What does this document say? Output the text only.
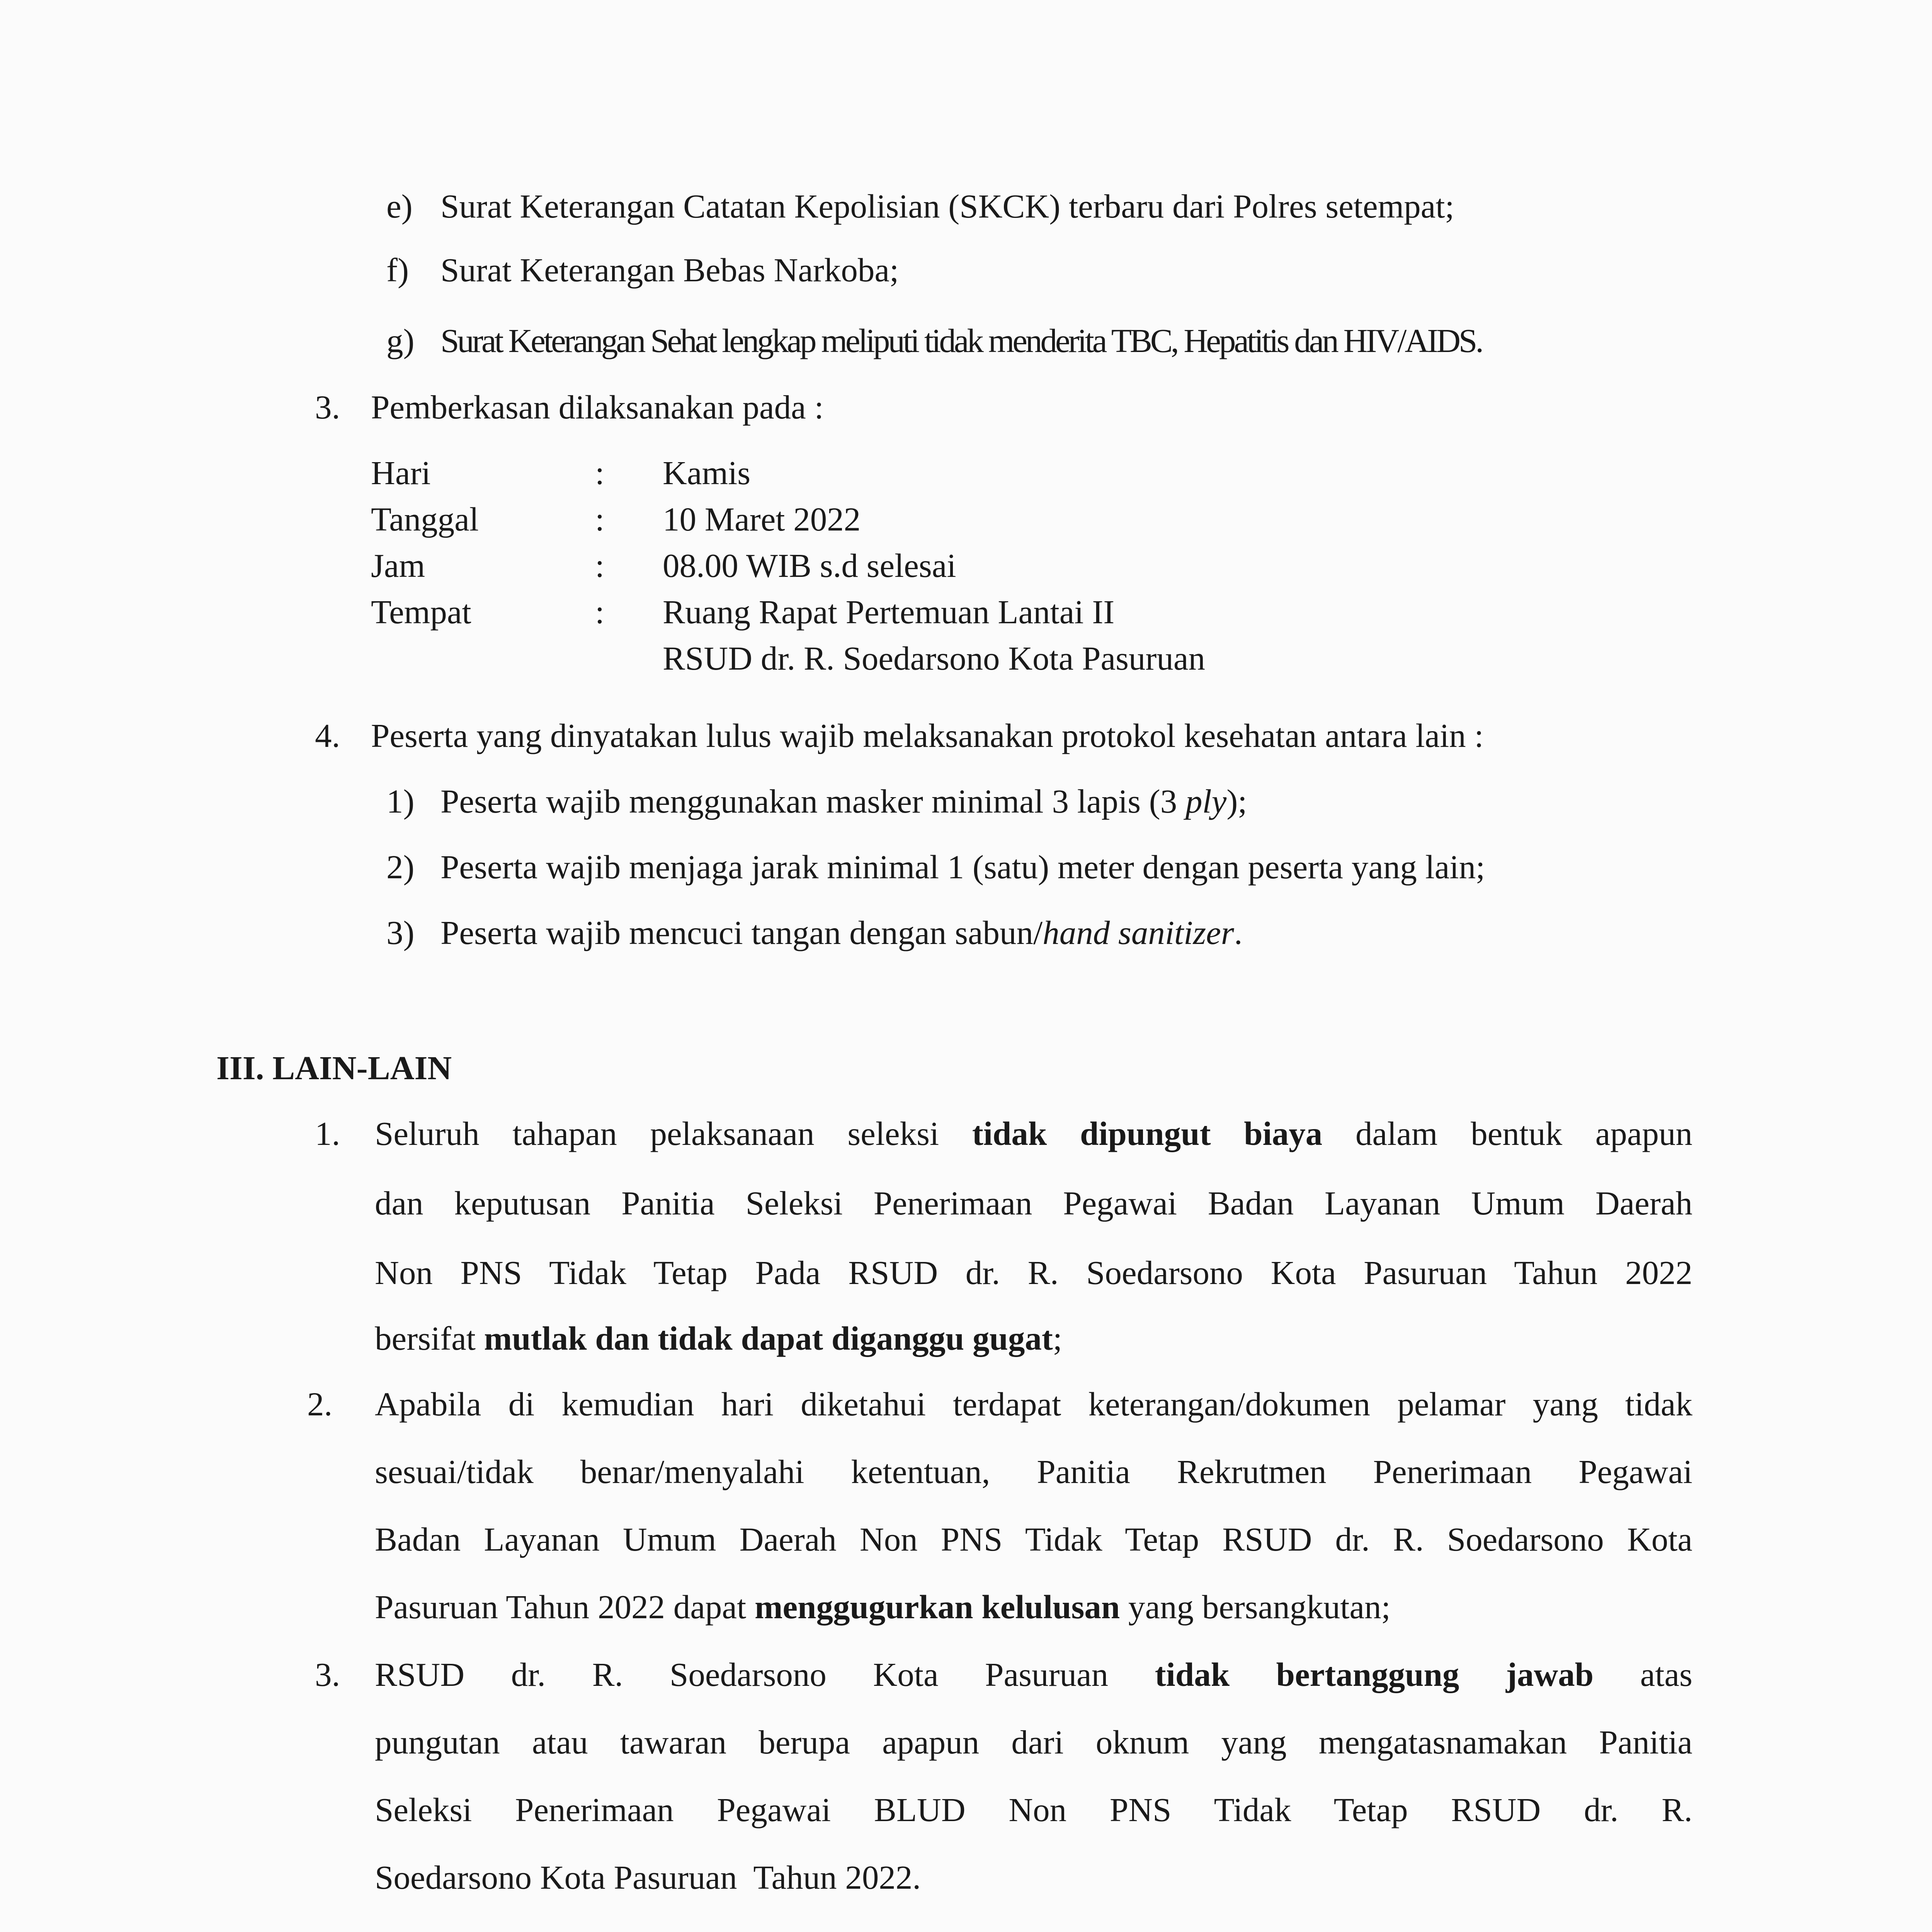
e) Surat Keterangan Catatan Kepolisian (SKCK) terbaru dari Polres setempat;
f) Surat Keterangan Bebas Narkoba;
g) Surat Keterangan Sehat lengkap meliputi tidak menderita TBC, Hepatitis dan HIV/AIDS.
3. Pemberkasan dilaksanakan pada :
Hari	: Kamis
Tanggal	: 10 Maret 2022
Jam	: 08.00 WIB s.d selesai
Tempat	: Ruang Rapat Pertemuan Lantai II
RSUD dr. R. Soedarsono Kota Pasuruan
4. Peserta yang dinyatakan lulus wajib melaksanakan protokol kesehatan antara lain :
1) Peserta wajib menggunakan masker minimal 3 lapis (3 ply);
2) Peserta wajib menjaga jarak minimal 1 (satu) meter dengan peserta yang lain;
3) Peserta wajib mencuci tangan dengan sabun/hand sanitizer.
III. LAIN-LAIN
1. Seluruh tahapan pelaksanaan seleksi tidak dipungut biaya dalam bentuk apapun
dan keputusan Panitia Seleksi Penerimaan Pegawai Badan Layanan Umum Daerah
Non PNS Tidak Tetap Pada RSUD dr. R. Soedarsono Kota Pasuruan Tahun 2022
bersifat mutlak dan tidak dapat diganggu gugat;
2. Apabila di kemudian hari diketahui terdapat keterangan/dokumen pelamar yang tidak
sesuai/tidak benar/menyalahi ketentuan, Panitia Rekrutmen Penerimaan Pegawai
Badan Layanan Umum Daerah Non PNS Tidak Tetap RSUD dr. R. Soedarsono Kota
Pasuruan Tahun 2022 dapat menggugurkan kelulusan yang bersangkutan;
3. RSUD dr. R. Soedarsono Kota Pasuruan tidak bertanggung jawab atas
pungutan atau tawaran berupa apapun dari oknum yang mengatasnamakan Panitia
Seleksi Penerimaan Pegawai BLUD Non PNS Tidak Tetap RSUD dr. R.
Soedarsono Kota Pasuruan  Tahun 2022.
